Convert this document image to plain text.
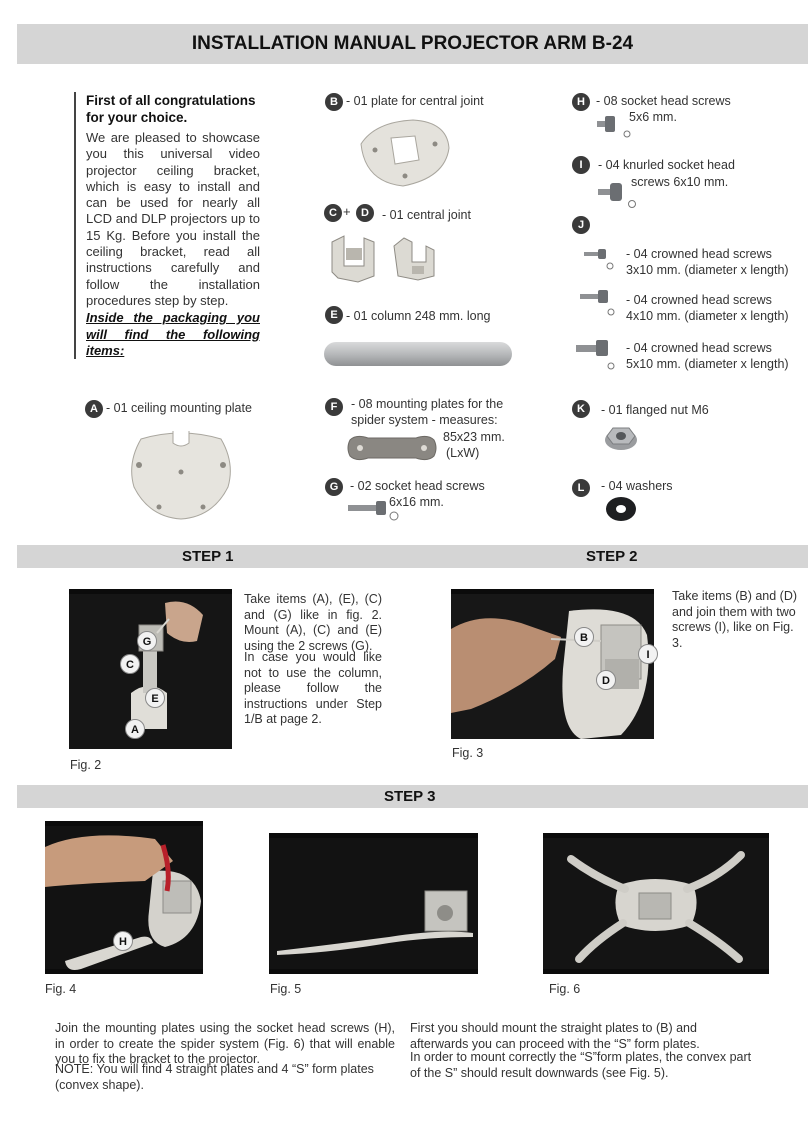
INSTALLATION MANUAL PROJECTOR ARM B-24
First of all congratulations for your choice.

We are pleased to showcase you this universal video projector ceiling bracket, which is easy to install and can be used for nearly all LCD and DLP projectors up to 15 Kg. Before you install the ceiling bracket, read all instructions carefully and follow the installation procedures step by step.

Inside the packaging you will find the following items:

A - 01 ceiling mounting plate
B - 01 plate for central joint
C + D	- 01 central joint
E - 01 column 248 mm. long
F	- 08 mounting plates for the
spider system - measures:
85x23 mm.
(LxW)
G - 02 socket head screws
6x16 mm.
H - 08 socket head screws
5x6 mm.
I	- 04 knurled socket head
screws 6x10 mm.
J
- 04 crowned head screws
3x10 mm. (diameter x length)
- 04 crowned head screws
4x10 mm. (diameter x length)
- 04 crowned head screws
5x10 mm. (diameter x length)
K	- 01 flanged nut M6
L	- 04 washers
STEP 1	STEP 2
G
C
E
A
Fig. 2
Take items (A), (E), (C) and (G) like in fig. 2. Mount (A), (C) and (E) using the 2 screws (G).
In case you would like not to use the column, please follow the instructions under Step 1/B at page 2.
B
I
D
Fig. 3
Take items (B) and (D) and join them with two screws (I), like on Fig. 3.
STEP 3
H
Fig. 4	Fig. 5	Fig. 6
Join the mounting plates using the socket head screws (H), in order to create the spider system (Fig. 6) that will enable you to fix the bracket to the projector.
NOTE: You will find 4 straight plates and 4 “S” form plates (convex shape).
First you should mount the straight plates to (B) and afterwards you can proceed with the “S” form plates.
In order to mount correctly the “S”form plates, the convex part of the S” should result downwards (see Fig. 5).
